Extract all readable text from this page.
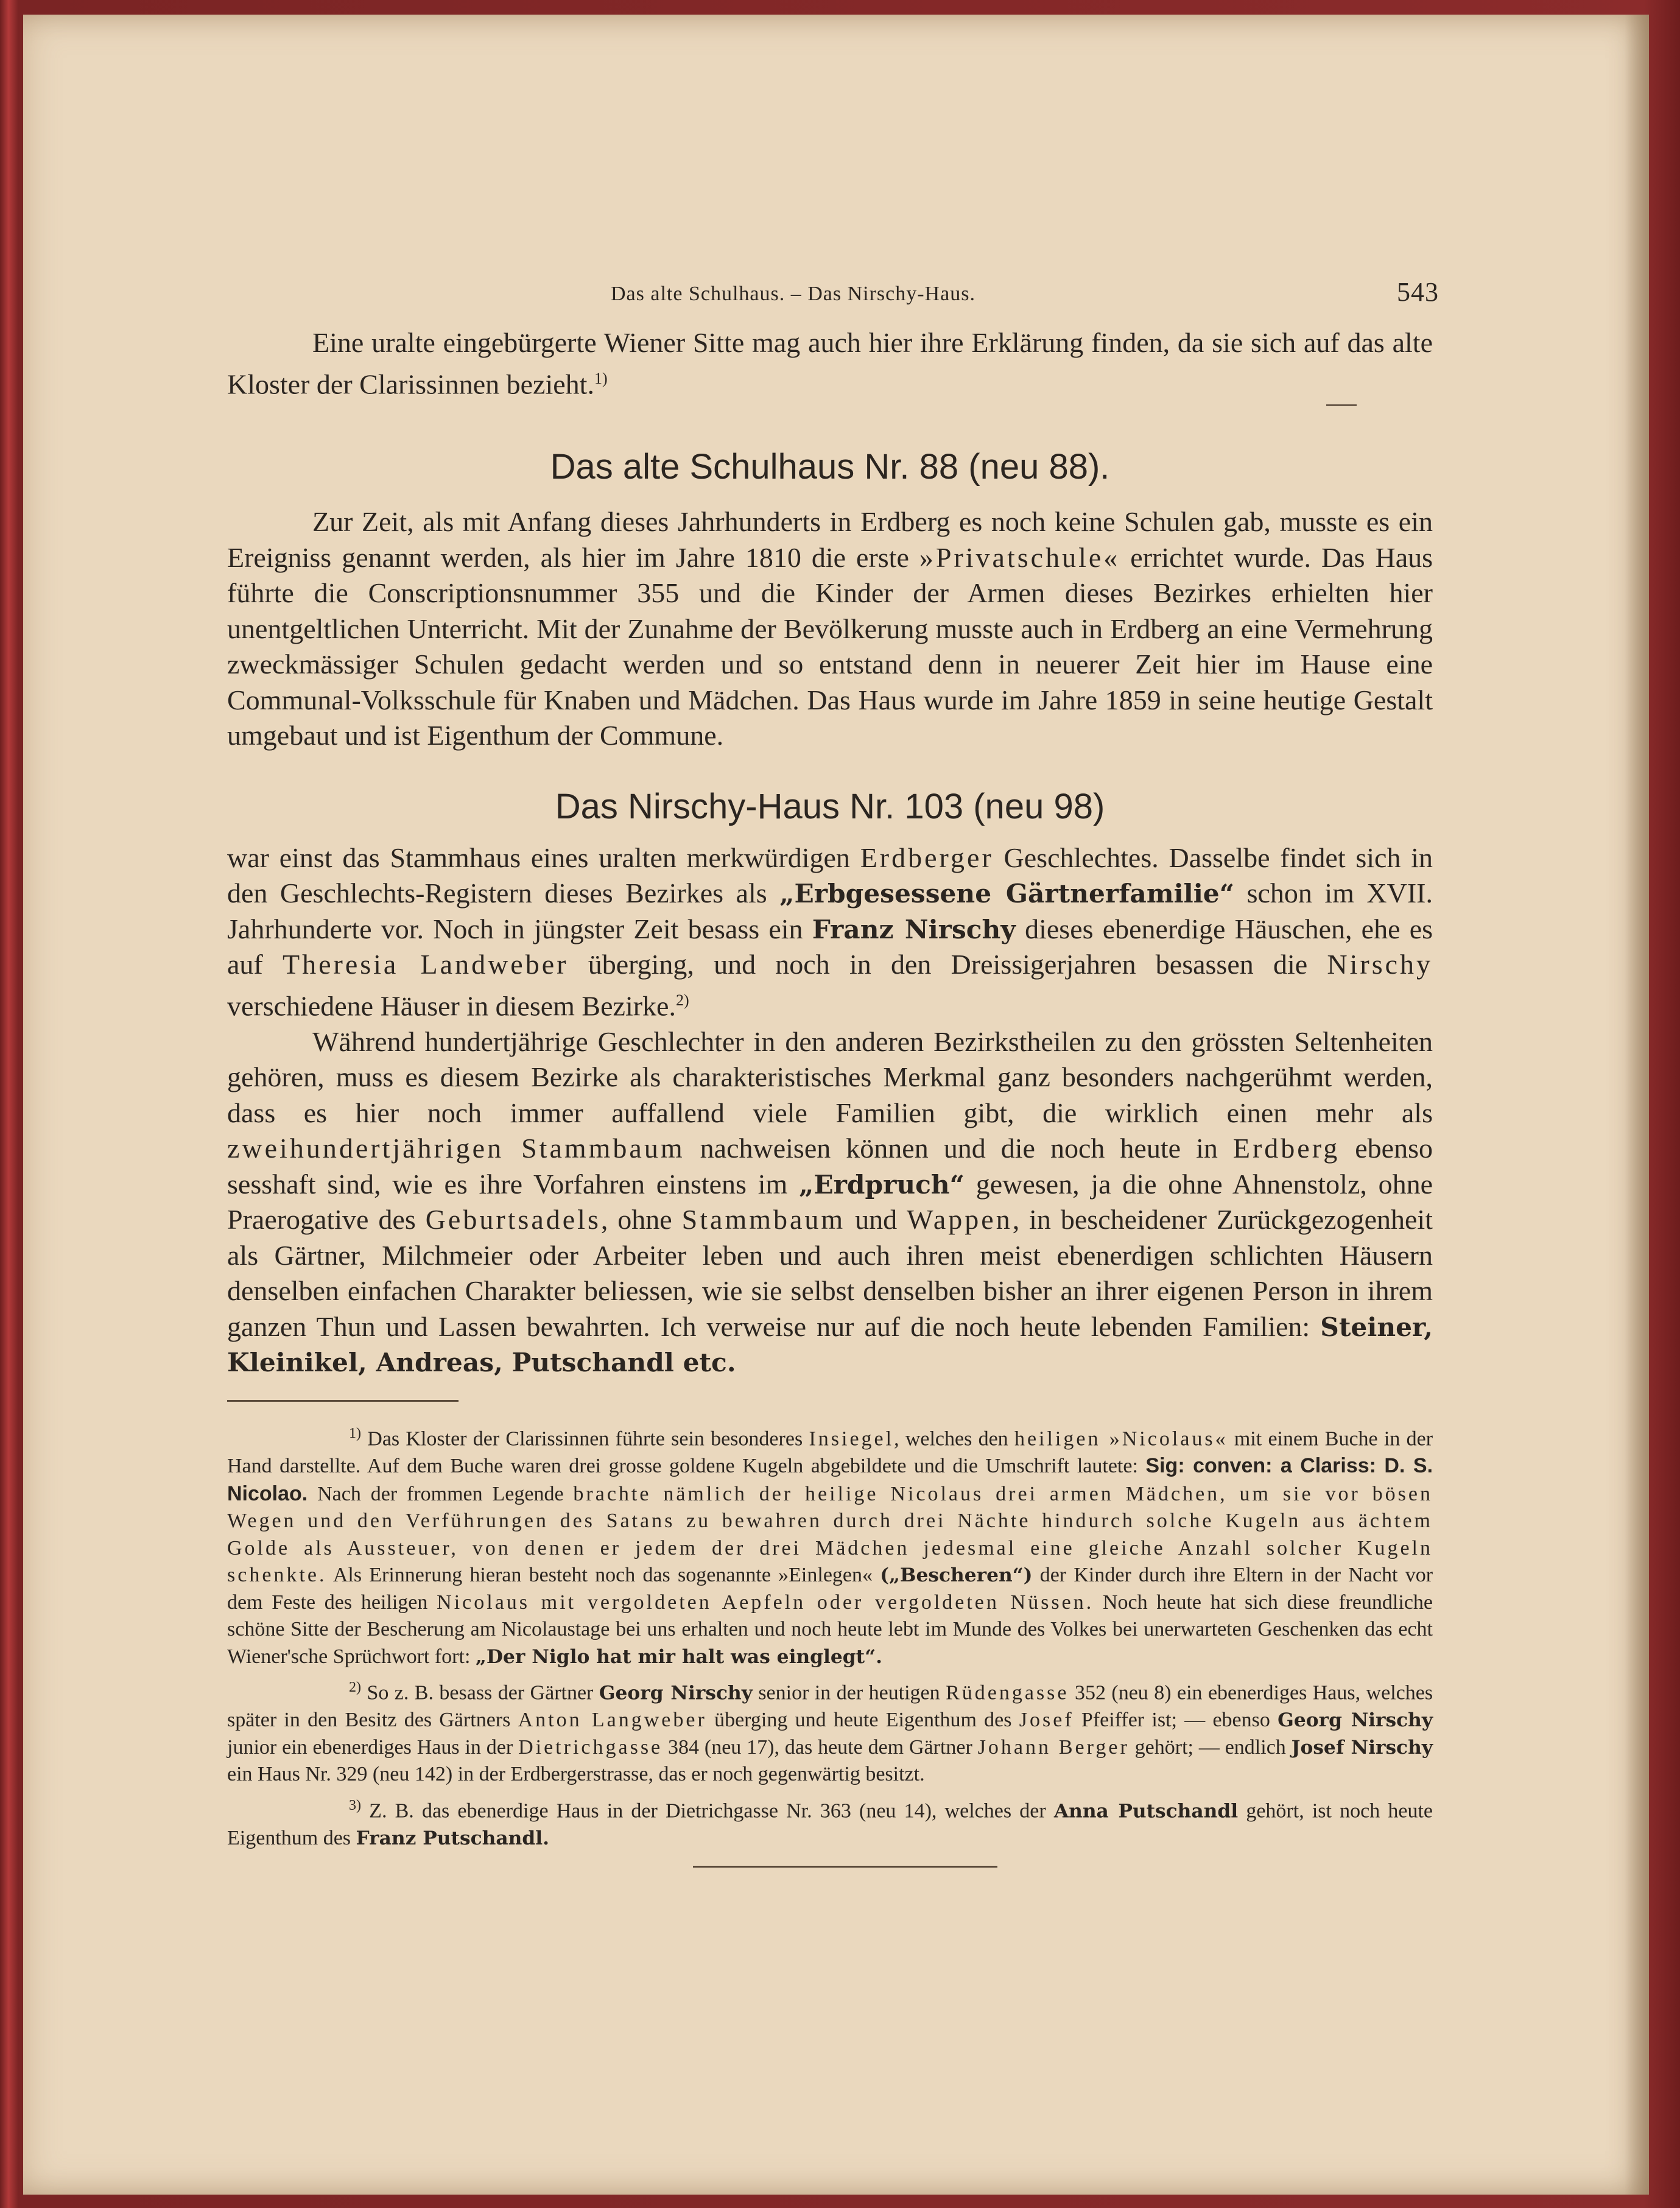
Das alte Schulhaus. – Das Nirschy-Haus.	543

Eine uralte eingebürgerte Wiener Sitte mag auch hier ihre Erklärung finden, da sie sich auf das alte Kloster der Clarissinnen bezieht.$^{1)}$

Das alte Schulhaus Nr. 88 (neu 88).

Zur Zeit, als mit Anfang dieses Jahrhunderts in Erdberg es noch keine Schulen gab, musste es ein Ereigniss genannt werden, als hier im Jahre 1810 die erste »Privatschule« errichtet wurde. Das Haus führte die Conscriptionsnummer 355 und die Kinder der Armen dieses Bezirkes erhielten hier unentgeltlichen Unterricht. Mit der Zunahme der Bevölkerung musste auch in Erdberg an eine Vermehrung zweckmässiger Schulen gedacht werden und so entstand denn in neuerer Zeit hier im Hause eine Communal-Volksschule für Knaben und Mädchen. Das Haus wurde im Jahre 1859 in seine heutige Gestalt umgebaut und ist Eigenthum der Commune.

Das Nirschy-Haus Nr. 103 (neu 98)

war einst das Stammhaus eines uralten merkwürdigen Erdberger Geschlechtes. Dasselbe findet sich in den Geschlechts-Registern dieses Bezirkes als „Erbgesessene Gärtnerfamilie“ schon im XVII. Jahrhunderte vor. Noch in jüngster Zeit besass ein Franz Nirschy dieses ebenerdige Häuschen, ehe es auf Theresia Landweber überging, und noch in den Dreissigerjahren besassen die Nirschy verschiedene Häuser in diesem Bezirke.$^{2)}$

Während hundertjährige Geschlechter in den anderen Bezirkstheilen zu den grössten Seltenheiten gehören, muss es diesem Bezirke als charakteristisches Merkmal ganz besonders nachgerühmt werden, dass es hier noch immer auffallend viele Familien gibt, die wirklich einen mehr als zweihundertjährigen Stammbaum nachweisen können und die noch heute in Erdberg ebenso sesshaft sind, wie es ihre Vorfahren einstens im „Erdpruch“ gewesen, ja die ohne Ahnenstolz, ohne Praerogative des Geburtsadels, ohne Stammbaum und Wappen, in bescheidener Zurückgezogenheit als Gärtner, Milchmeier oder Arbeiter leben und auch ihren meist ebenerdigen schlichten Häusern denselben einfachen Charakter beliessen, wie sie selbst denselben bisher an ihrer eigenen Person in ihrem ganzen Thun und Lassen bewahrten. Ich verweise nur auf die noch heute lebenden Familien: Steiner, Kleinikel, Andreas, Putschandl etc.

$^{1)}$ Das Kloster der Clarissinnen führte sein besonderes Insiegel, welches den heiligen »Nicolaus« mit einem Buche in der Hand darstellte. Auf dem Buche waren drei grosse goldene Kugeln abgebildete und die Umschrift lautete: Sig: conven: a Clariss: D. S. Nicolao. Nach der frommen Legende brachte nämlich der heilige Nicolaus drei armen Mädchen, um sie vor bösen Wegen und den Verführungen des Satans zu bewahren durch drei Nächte hindurch solche Kugeln aus ächtem Golde als Aussteuer, von denen er jedem der drei Mädchen jedesmal eine gleiche Anzahl solcher Kugeln schenkte. Als Erinnerung hieran besteht noch das sogenannte »Einlegen« („Bescheren“) der Kinder durch ihre Eltern in der Nacht vor dem Feste des heiligen Nicolaus mit vergoldeten Aepfeln oder vergoldeten Nüssen. Noch heute hat sich diese freundliche schöne Sitte der Bescherung am Nicolaustage bei uns erhalten und noch heute lebt im Munde des Volkes bei unerwarteten Geschenken das echt Wiener'sche Sprüchwort fort: „Der Niglo hat mir halt was einglegt“.

$^{2)}$ So z. B. besass der Gärtner Georg Nirschy senior in der heutigen Rüdengasse 352 (neu 8) ein ebenerdiges Haus, welches später in den Besitz des Gärtners Anton Langweber überging und heute Eigenthum des Josef Pfeiffer ist; — ebenso Georg Nirschy junior ein ebenerdiges Haus in der Dietrichgasse 384 (neu 17), das heute dem Gärtner Johann Berger gehört; — endlich Josef Nirschy ein Haus Nr. 329 (neu 142) in der Erdbergerstrasse, das er noch gegenwärtig besitzt.

$^{3)}$ Z. B. das ebenerdige Haus in der Dietrichgasse Nr. 363 (neu 14), welches der Anna Putschandl gehört, ist noch heute Eigenthum des Franz Putschandl.
